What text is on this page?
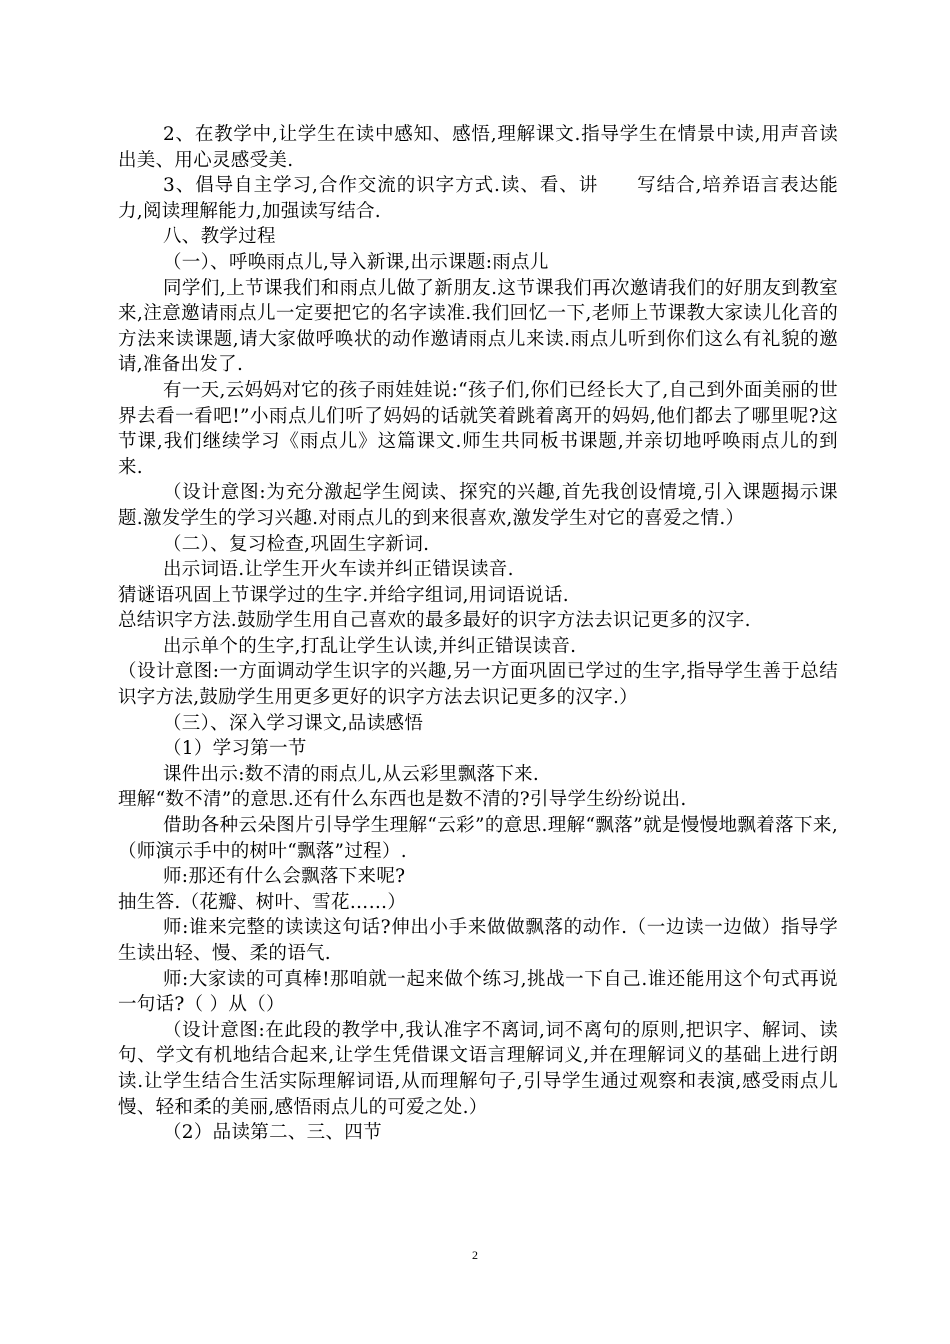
2、在教学中,让学生在读中感知、感悟,理解课文.指导学生在情景中读,用声音读出美、用心灵感受美.

3、倡导自主学习,合作交流的识字方式.读、看、讲　　写结合,培养语言表达能力,阅读理解能力,加强读写结合.

八、教学过程

（一）、呼唤雨点儿,导入新课,出示课题:雨点儿

同学们,上节课我们和雨点儿做了新朋友.这节课我们再次邀请我们的好朋友到教室来,注意邀请雨点儿一定要把它的名字读准.我们回忆一下,老师上节课教大家读儿化音的方法来读课题,请大家做呼唤状的动作邀请雨点儿来读.雨点儿听到你们这么有礼貌的邀请,准备出发了.

有一天,云妈妈对它的孩子雨娃娃说:“孩子们,你们已经长大了,自己到外面美丽的世界去看一看吧!”小雨点儿们听了妈妈的话就笑着跳着离开的妈妈,他们都去了哪里呢?这节课,我们继续学习《雨点儿》这篇课文.师生共同板书课题,并亲切地呼唤雨点儿的到来.

（设计意图:为充分激起学生阅读、探究的兴趣,首先我创设情境,引入课题揭示课题.激发学生的学习兴趣.对雨点儿的到来很喜欢,激发学生对它的喜爱之情.）

（二）、复习检查,巩固生字新词.

出示词语.让学生开火车读并纠正错误读音.

猜谜语巩固上节课学过的生字.并给字组词,用词语说话.

总结识字方法.鼓励学生用自己喜欢的最多最好的识字方法去识记更多的汉字.

出示单个的生字,打乱让学生认读,并纠正错误读音.

（设计意图:一方面调动学生识字的兴趣,另一方面巩固已学过的生字,指导学生善于总结识字方法,鼓励学生用更多更好的识字方法去识记更多的汉字.）

（三）、深入学习课文,品读感悟

（1）学习第一节

课件出示:数不清的雨点儿,从云彩里飘落下来.

理解“数不清”的意思.还有什么东西也是数不清的?引导学生纷纷说出.

借助各种云朵图片引导学生理解“云彩”的意思.理解“飘落”就是慢慢地飘着落下来,（师演示手中的树叶“飘落”过程）.

师:那还有什么会飘落下来呢?

抽生答.（花瓣、树叶、雪花……）

师:谁来完整的读读这句话?伸出小手来做做飘落的动作.（一边读一边做）指导学生读出轻、慢、柔的语气.

师:大家读的可真棒!那咱就一起来做个练习,挑战一下自己.谁还能用这个句式再说一句话?（ ）从（）

（设计意图:在此段的教学中,我认准字不离词,词不离句的原则,把识字、解词、读句、学文有机地结合起来,让学生凭借课文语言理解词义,并在理解词义的基础上进行朗读.让学生结合生活实际理解词语,从而理解句子,引导学生通过观察和表演,感受雨点儿慢、轻和柔的美丽,感悟雨点儿的可爱之处.）

（2）品读第二、三、四节

2
